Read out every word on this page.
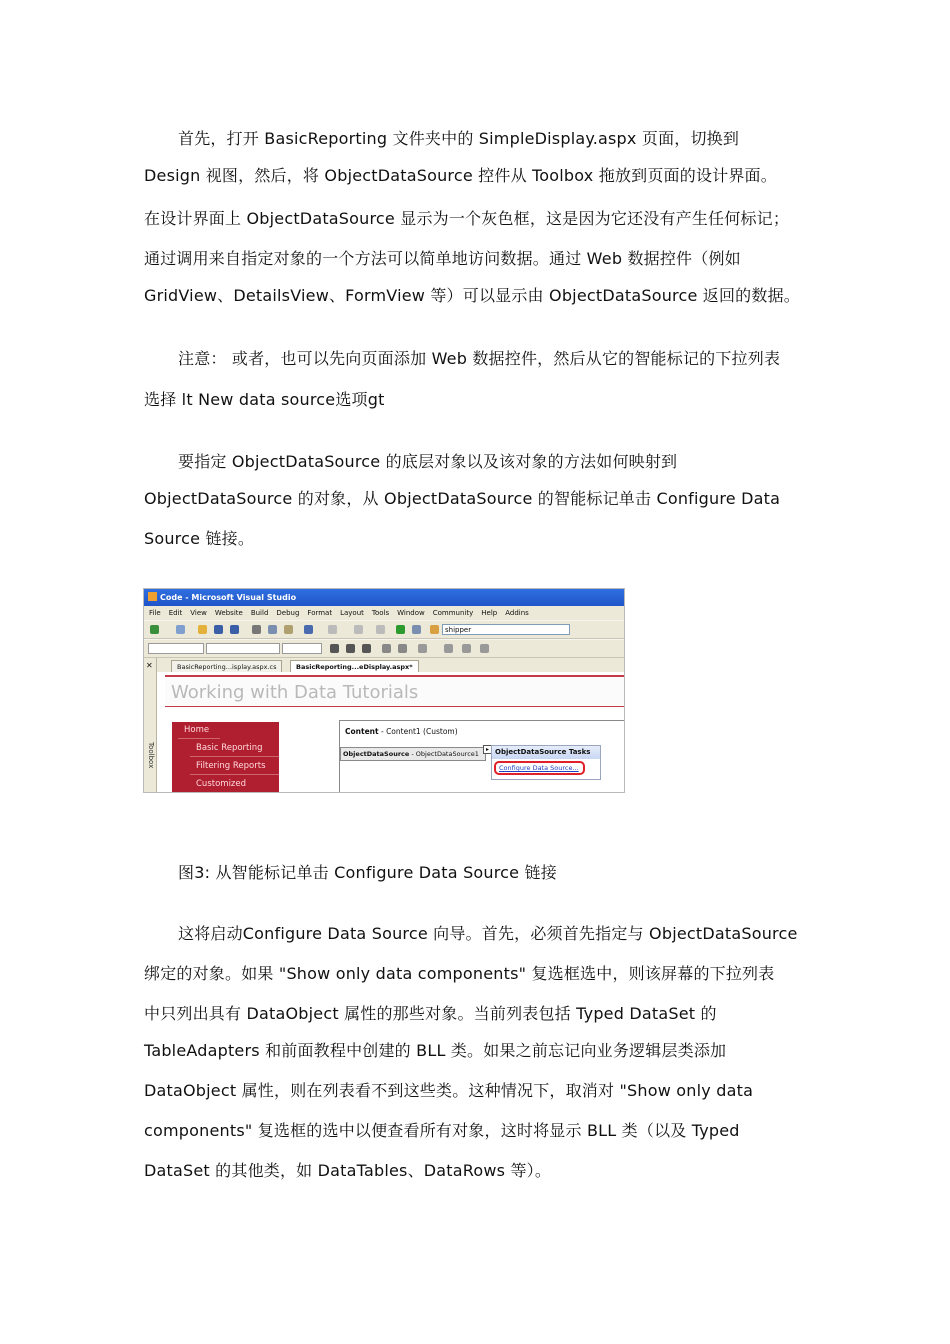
首先，打开 BasicReporting 文件夹中的 SimpleDisplay.aspx 页面，切换到
Design 视图，然后，将 ObjectDataSource 控件从 Toolbox 拖放到页面的设计界面。
在设计界面上 ObjectDataSource 显示为一个灰色框，这是因为它还没有产生任何标记；
通过调用来自指定对象的一个方法可以简单地访问数据。通过 Web 数据控件（例如
GridView、DetailsView、FormView 等）可以显示由 ObjectDataSource 返回的数据。
注意： 或者，也可以先向页面添加 Web 数据控件，然后从它的智能标记的下拉列表
选择 lt New data source选项gt
要指定 ObjectDataSource 的底层对象以及该对象的方法如何映射到
ObjectDataSource 的对象，从 ObjectDataSource 的智能标记单击 Configure Data
Source 链接。
图3: 从智能标记单击 Configure Data Source 链接
这将启动Configure Data Source 向导。首先，必须首先指定与 ObjectDataSource
绑定的对象。如果 "Show only data components" 复选框选中，则该屏幕的下拉列表
中只列出具有 DataObject 属性的那些对象。当前列表包括 Typed DataSet 的
TableAdapters 和前面教程中创建的 BLL 类。如果之前忘记向业务逻辑层类添加
DataObject 属性，则在列表看不到这些类。这种情况下，取消对 "Show only data
components" 复选框的选中以便查看所有对象，这时将显示 BLL 类（以及 Typed
DataSet 的其他类，如 DataTables、DataRows 等）。
Code - Microsoft Visual Studio
File Edit View Website Build Debug Format Layout Tools Window Community Help Addins
shipper
✕
Toolbox
BasicReporting...isplay.aspx.cs	BasicReporting...eDisplay.aspx*
Working with Data Tutorials
Home
Basic Reporting
Filtering Reports
Customized
Content - Content1 (Custom)
ObjectDataSource - ObjectDataSource1
▸ ObjectDataSource Tasks
Configure Data Source...
